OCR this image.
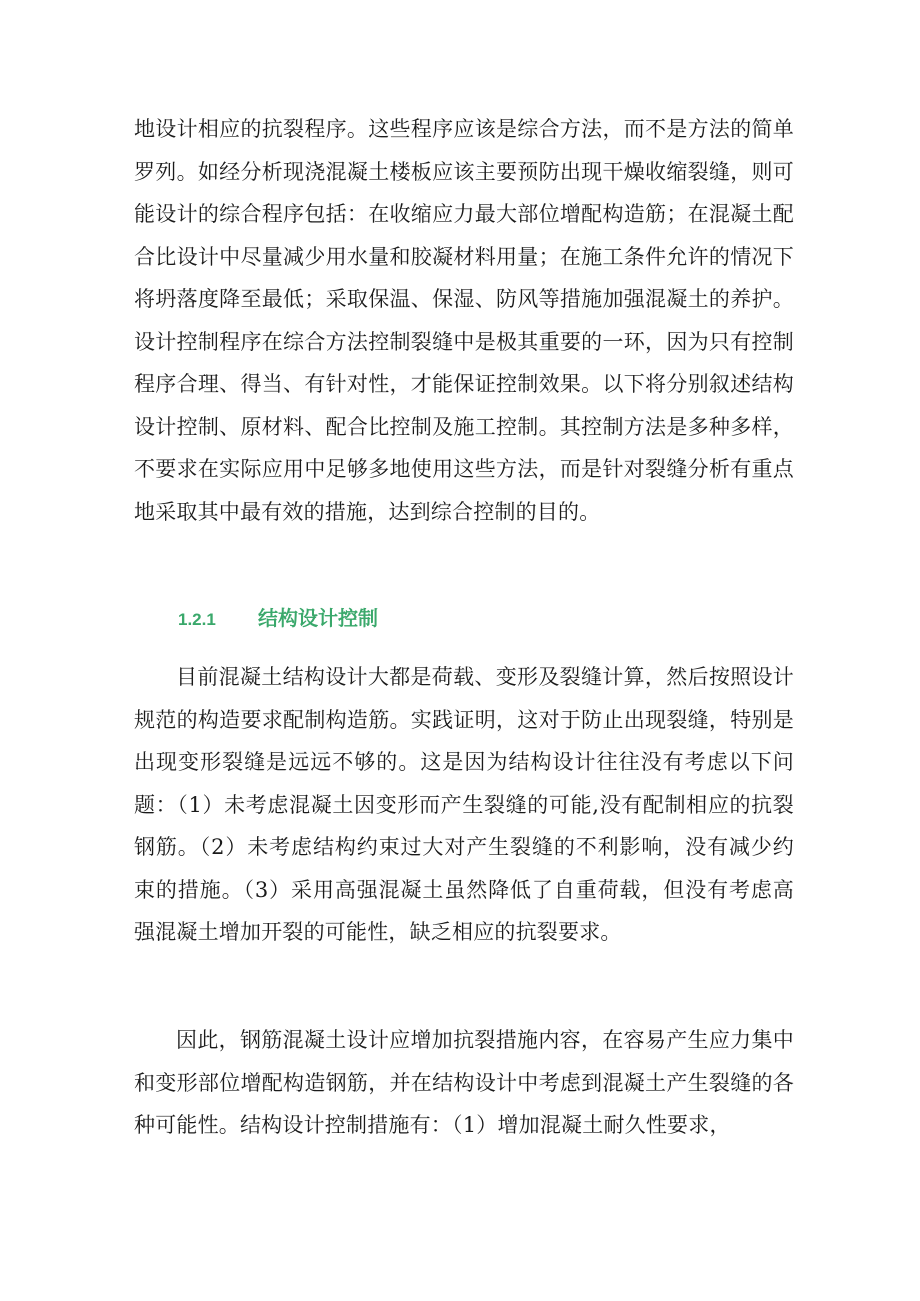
地设计相应的抗裂程序。这些程序应该是综合方法，而不是方法的简单罗列。如经分析现浇混凝土楼板应该主要预防出现干燥收缩裂缝，则可能设计的综合程序包括：在收缩应力最大部位增配构造筋；在混凝土配合比设计中尽量减少用水量和胶凝材料用量；在施工条件允许的情况下将坍落度降至最低；采取保温、保湿、防风等措施加强混凝土的养护。设计控制程序在综合方法控制裂缝中是极其重要的一环，因为只有控制程序合理、得当、有针对性，才能保证控制效果。以下将分别叙述结构设计控制、原材料、配合比控制及施工控制。其控制方法是多种多样，不要求在实际应用中足够多地使用这些方法，而是针对裂缝分析有重点地采取其中最有效的措施，达到综合控制的目的。

1.2.1 结构设计控制

目前混凝土结构设计大都是荷载、变形及裂缝计算，然后按照设计规范的构造要求配制构造筋。实践证明，这对于防止出现裂缝，特别是出现变形裂缝是远远不够的。这是因为结构设计往往没有考虑以下问题：（1）未考虑混凝土因变形而产生裂缝的可能,没有配制相应的抗裂钢筋。（2）未考虑结构约束过大对产生裂缝的不利影响，没有减少约束的措施。（3）采用高强混凝土虽然降低了自重荷载，但没有考虑高强混凝土增加开裂的可能性，缺乏相应的抗裂要求。

因此，钢筋混凝土设计应增加抗裂措施内容，在容易产生应力集中和变形部位增配构造钢筋，并在结构设计中考虑到混凝土产生裂缝的各种可能性。结构设计控制措施有：（1）增加混凝土耐久性要求，
